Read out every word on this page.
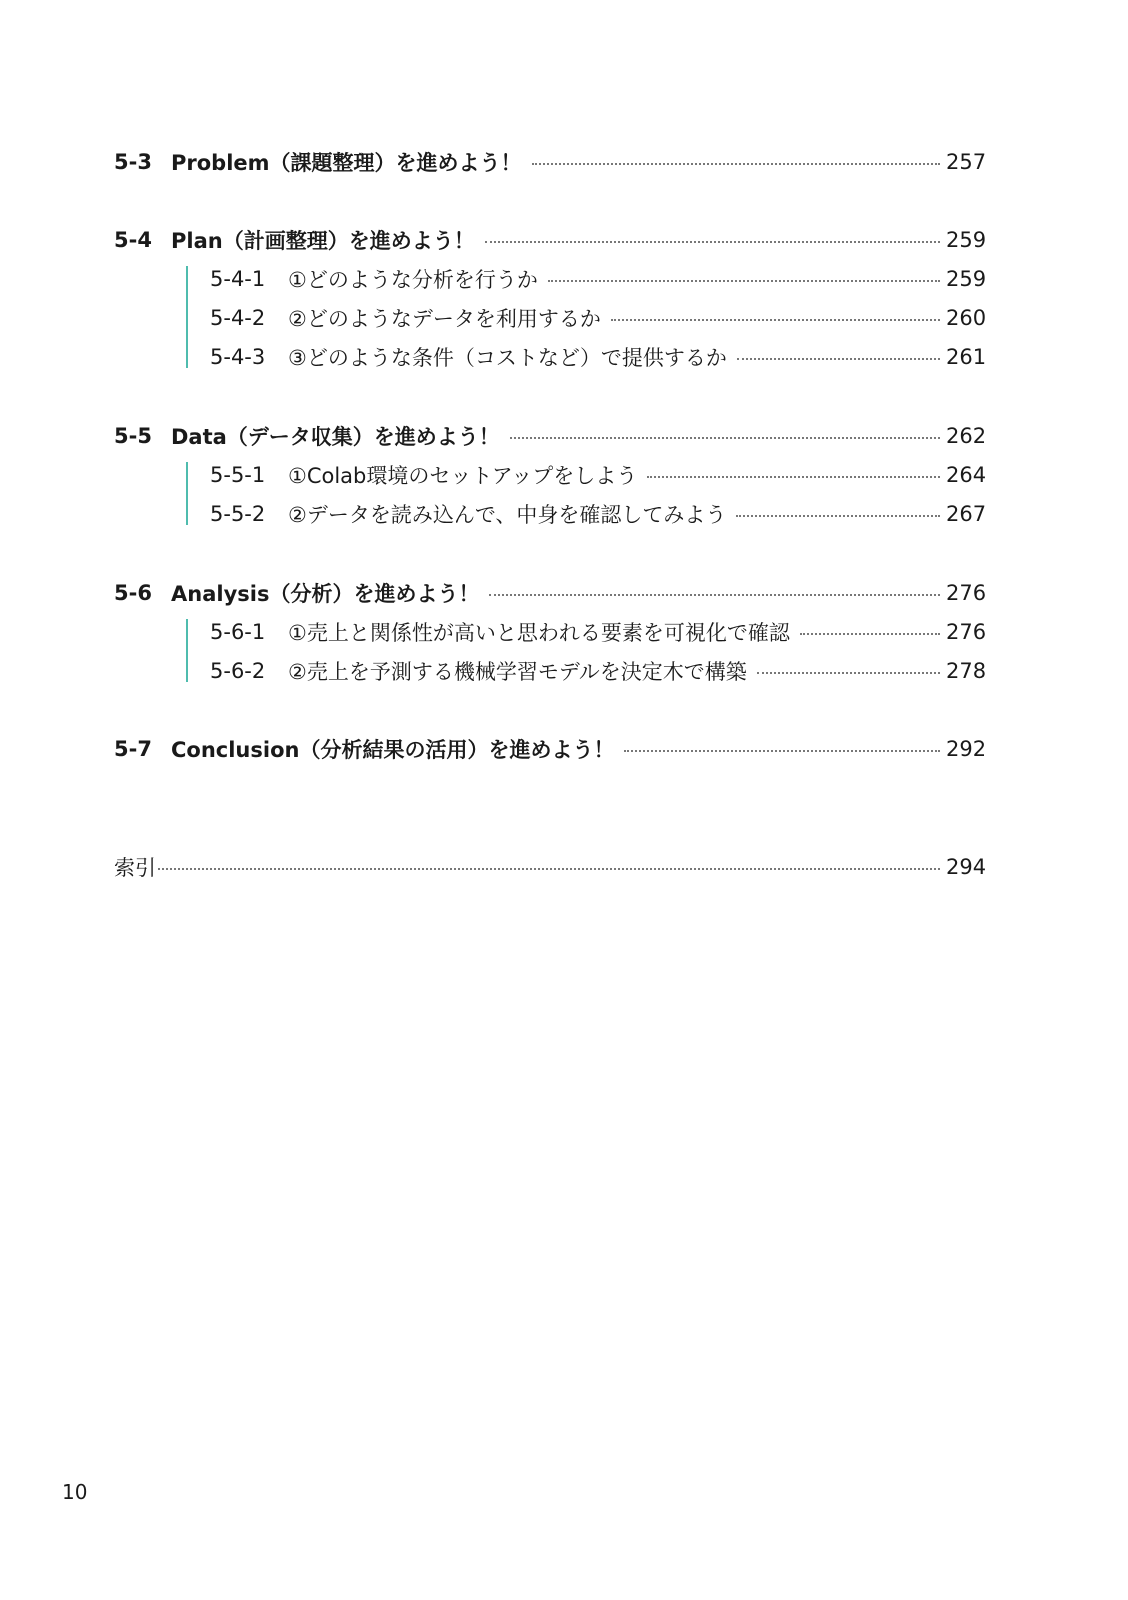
5-3 Problem（課題整理）を進めよう！	257
5-4 Plan（計画整理）を進めよう！	259
5-4-1	①どのような分析を行うか	259
5-4-2	②どのようなデータを利用するか	260
5-4-3	③どのような条件（コストなど）で提供するか	261
5-5 Data（データ収集）を進めよう！	262
5-5-1	①Colab環境のセットアップをしよう	264
5-5-2	②データを読み込んで、中身を確認してみよう	267
5-6 Analysis（分析）を進めよう！	276
5-6-1	①売上と関係性が高いと思われる要素を可視化で確認	276
5-6-2	②売上を予測する機械学習モデルを決定木で構築	278
5-7 Conclusion（分析結果の活用）を進めよう！	292
索引	294
10
